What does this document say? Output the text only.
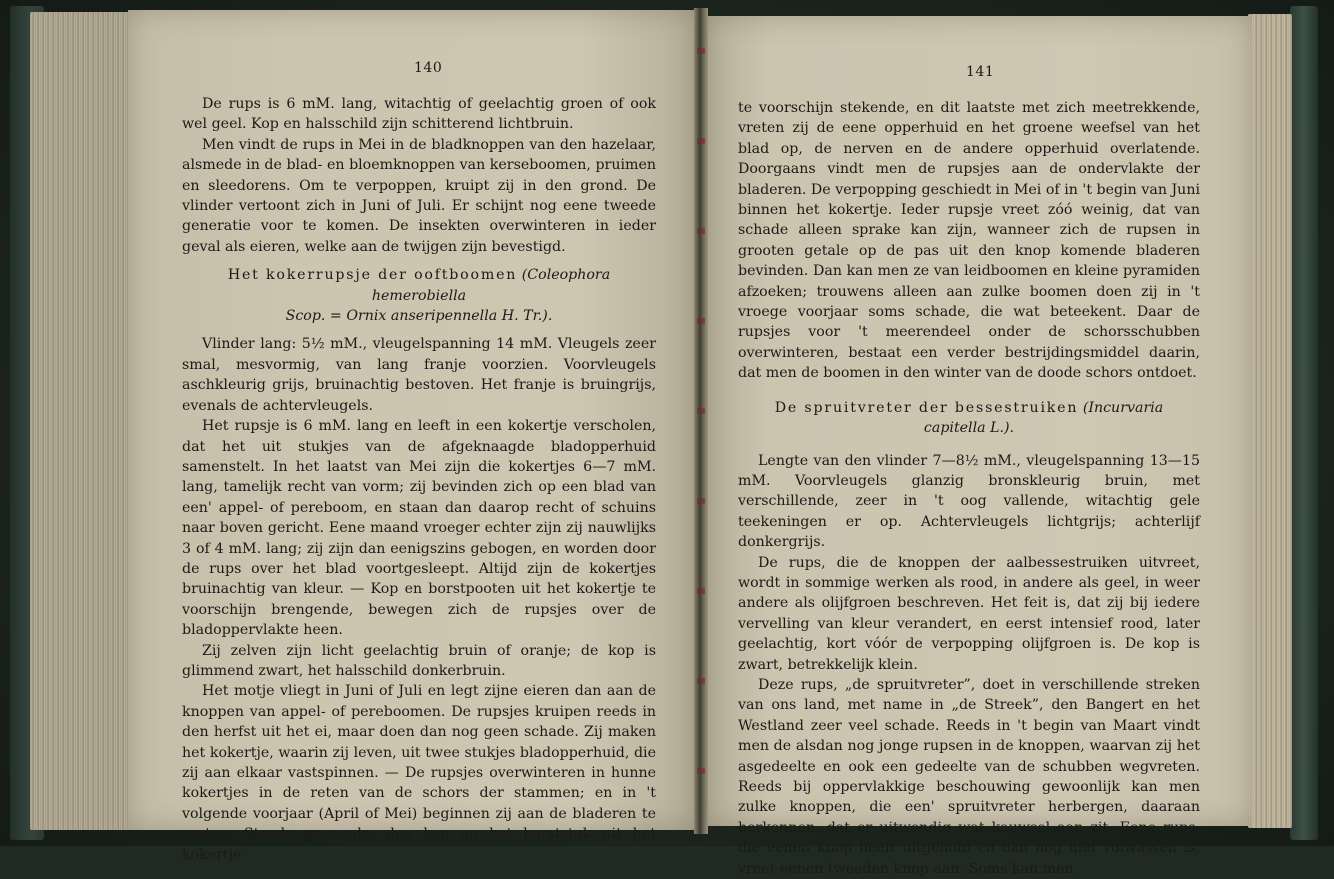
140

De rups is 6 mM. lang, witachtig of geelachtig groen of ook wel geel. Kop en halsschild zijn schitterend lichtbruin.

Men vindt de rups in Mei in de bladknoppen van den hazelaar, alsmede in de blad- en bloemknoppen van kerseboomen, pruimen en sleedorens. Om te verpoppen, kruipt zij in den grond. De vlinder vertoont zich in Juni of Juli. Er schijnt nog eene tweede generatie voor te komen. De insekten overwinteren in ieder geval als eieren, welke aan de twijgen zijn bevestigd.

Het kokerrupsje der ooftboomen (Coleophora hemerobiella
Scop. = Ornix anseripennella H. Tr.).

Vlinder lang: 5½ mM., vleugelspanning 14 mM. Vleugels zeer smal, mesvormig, van lang franje voorzien. Voorvleugels aschkleurig grijs, bruinachtig bestoven. Het franje is bruingrijs, evenals de achtervleugels.

Het rupsje is 6 mM. lang en leeft in een kokertje verscholen, dat het uit stukjes van de afgeknaagde bladopperhuid samenstelt. In het laatst van Mei zijn die kokertjes 6—7 mM. lang, tamelijk recht van vorm; zij bevinden zich op een blad van een' appel- of pereboom, en staan dan daarop recht of schuins naar boven gericht. Eene maand vroeger echter zijn zij nauwlijks 3 of 4 mM. lang; zij zijn dan eenigszins gebogen, en worden door de rups over het blad voortgesleept. Altijd zijn de kokertjes bruinachtig van kleur. — Kop en borstpooten uit het kokertje te voorschijn brengende, bewegen zich de rupsjes over de bladoppervlakte heen.

Zij zelven zijn licht geelachtig bruin of oranje; de kop is glimmend zwart, het halsschild donkerbruin.

Het motje vliegt in Juni of Juli en legt zijne eieren dan aan de knoppen van appel- of pereboomen. De rupsjes kruipen reeds in den herfst uit het ei, maar doen dan nog geen schade. Zij maken het kokertje, waarin zij leven, uit twee stukjes bladopperhuid, die zij aan elkaar vastspinnen. — De rupsjes overwinteren in hunne kokertjes in de reten van de schors der stammen; en in 't volgende voorjaar (April of Mei) beginnen zij aan de bladeren te vreten. Steeds grazende, den kop en het borststuk uit het kokertje

141

te voorschijn stekende, en dit laatste met zich meetrekkende, vreten zij de eene opperhuid en het groene weefsel van het blad op, de nerven en de andere opperhuid overlatende. Doorgaans vindt men de rupsjes aan de ondervlakte der bladeren. De verpopping geschiedt in Mei of in 't begin van Juni binnen het kokertje. Ieder rupsje vreet zóó weinig, dat van schade alleen sprake kan zijn, wanneer zich de rupsen in grooten getale op de pas uit den knop komende bladeren bevinden. Dan kan men ze van leidboomen en kleine pyramiden afzoeken; trouwens alleen aan zulke boomen doen zij in 't vroege voorjaar soms schade, die wat beteekent. Daar de rupsjes voor 't meerendeel onder de schorsschubben overwinteren, bestaat een verder bestrijdingsmiddel daarin, dat men de boomen in den winter van de doode schors ontdoet.

De spruitvreter der bessestruiken (Incurvaria
capitella L.).

Lengte van den vlinder 7—8½ mM., vleugelspanning 13—15 mM. Voorvleugels glanzig bronskleurig bruin, met verschillende, zeer in 't oog vallende, witachtig gele teekeningen er op. Achtervleugels lichtgrijs; achterlijf donkergrijs.

De rups, die de knoppen der aalbessestruiken uitvreet, wordt in sommige werken als rood, in andere als geel, in weer andere als olijfgroen beschreven. Het feit is, dat zij bij iedere vervelling van kleur verandert, en eerst intensief rood, later geelachtig, kort vóór de verpopping olijfgroen is. De kop is zwart, betrekkelijk klein.

Deze rups, „de spruitvreter”, doet in verschillende streken van ons land, met name in „de Streek”, den Bangert en het Westland zeer veel schade. Reeds in 't begin van Maart vindt men de alsdan nog jonge rupsen in de knoppen, waarvan zij het asgedeelte en ook een gedeelte van de schubben wegvreten. Reeds bij oppervlakkige beschouwing gewoonlijk kan men zulke knoppen, die een' spruitvreter herbergen, daaraan herkennen, dat er uitwendig wat kauwsel aan zit. Eene rups, die eenen knop heeft uitgehold en dan nog niet volwassen is, vreet eenen tweeden knop aan. Soms kan men
